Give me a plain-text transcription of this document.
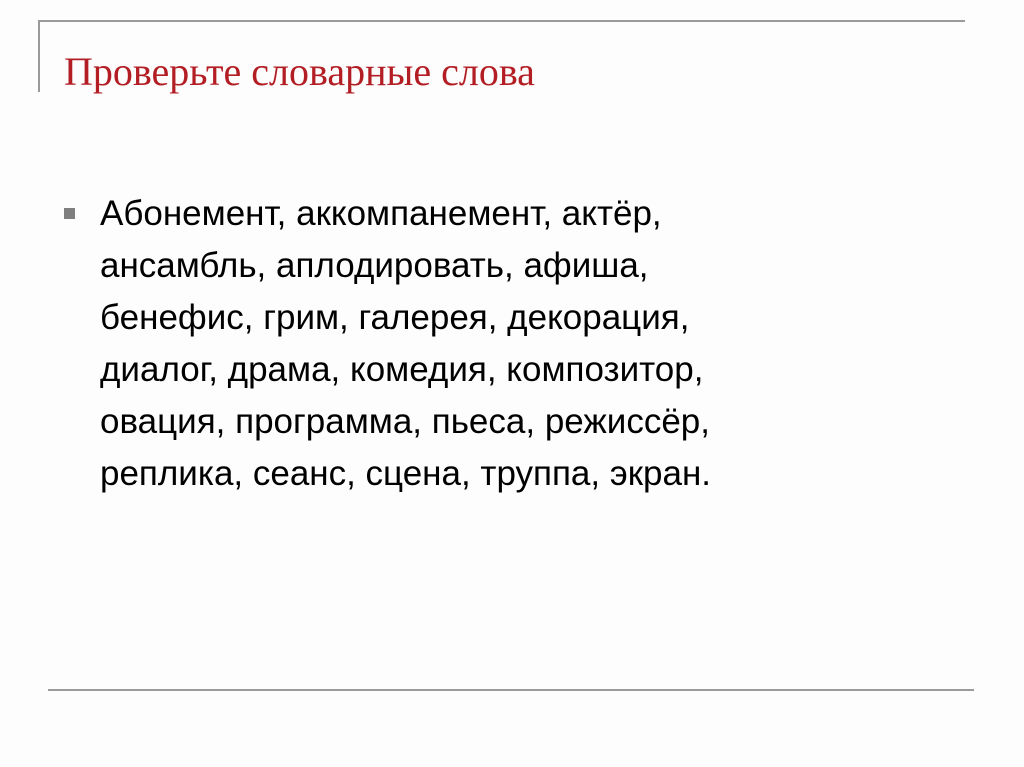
Проверьте словарные слова

Абонемент, аккомпанемент, актёр,
ансамбль, аплодировать, афиша,
бенефис, грим, галерея, декорация,
диалог, драма, комедия, композитор,
овация, программа, пьеса, режиссёр,
реплика, сеанс, сцена, труппа, экран.
